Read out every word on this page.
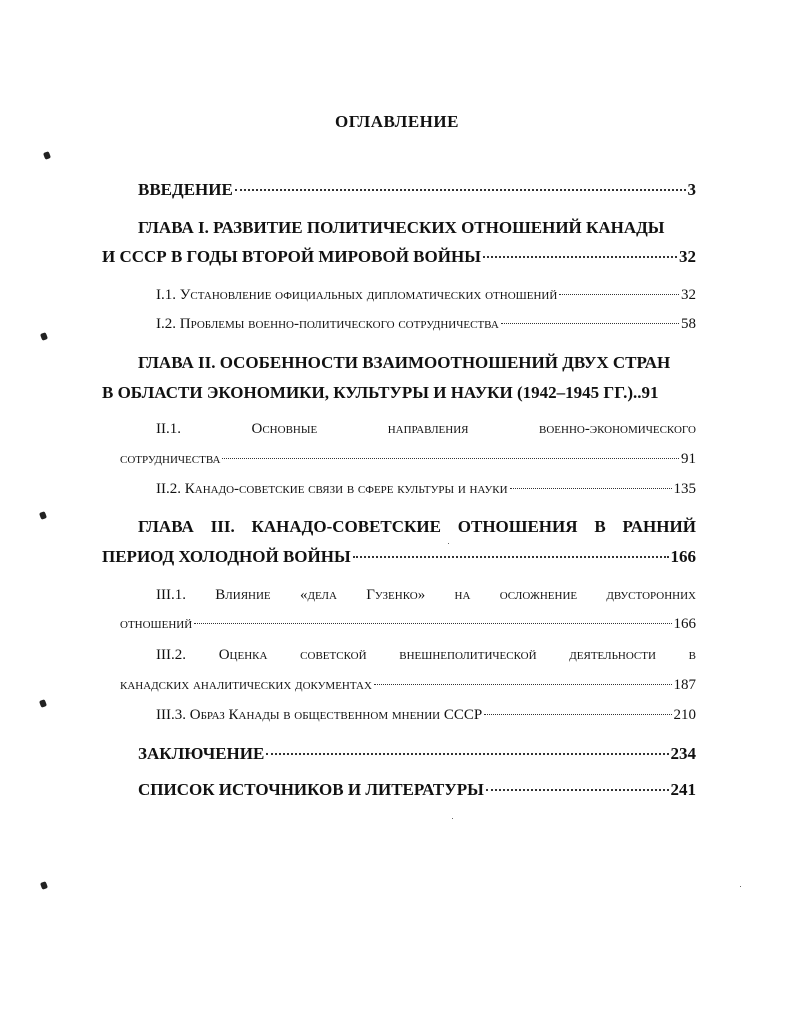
ОГЛАВЛЕНИЕ
ВВЕДЕНИЕ	3
ГЛАВА I. РАЗВИТИЕ ПОЛИТИЧЕСКИХ ОТНОШЕНИЙ КАНАДЫ
И СССР В ГОДЫ ВТОРОЙ МИРОВОЙ ВОЙНЫ	32
I.1. Установление официальных дипломатических отношений	32
I.2. Проблемы военно-политического сотрудничества	58
ГЛАВА II. ОСОБЕННОСТИ ВЗАИМООТНОШЕНИЙ ДВУХ СТРАН
В ОБЛАСТИ ЭКОНОМИКИ, КУЛЬТУРЫ И НАУКИ (1942–1945 ГГ.).. 91
II.1.	Основные	направления	военно-экономического
сотрудничества	91
II.2. Канадо-советские связи в сфере культуры и науки	135
ГЛАВА III. КАНАДО-СОВЕТСКИЕ ОТНОШЕНИЯ В РАННИЙ
ПЕРИОД ХОЛОДНОЙ ВОЙНЫ	166
III.1. Влияние «дела Гузенко» на осложнение двусторонних
отношений	166
III.2. Оценка советской внешнеполитической деятельности в
канадских аналитических документах	187
III.3. Образ Канады в общественном мнении СССР	210
ЗАКЛЮЧЕНИЕ	234
СПИСОК ИСТОЧНИКОВ И ЛИТЕРАТУРЫ	241
